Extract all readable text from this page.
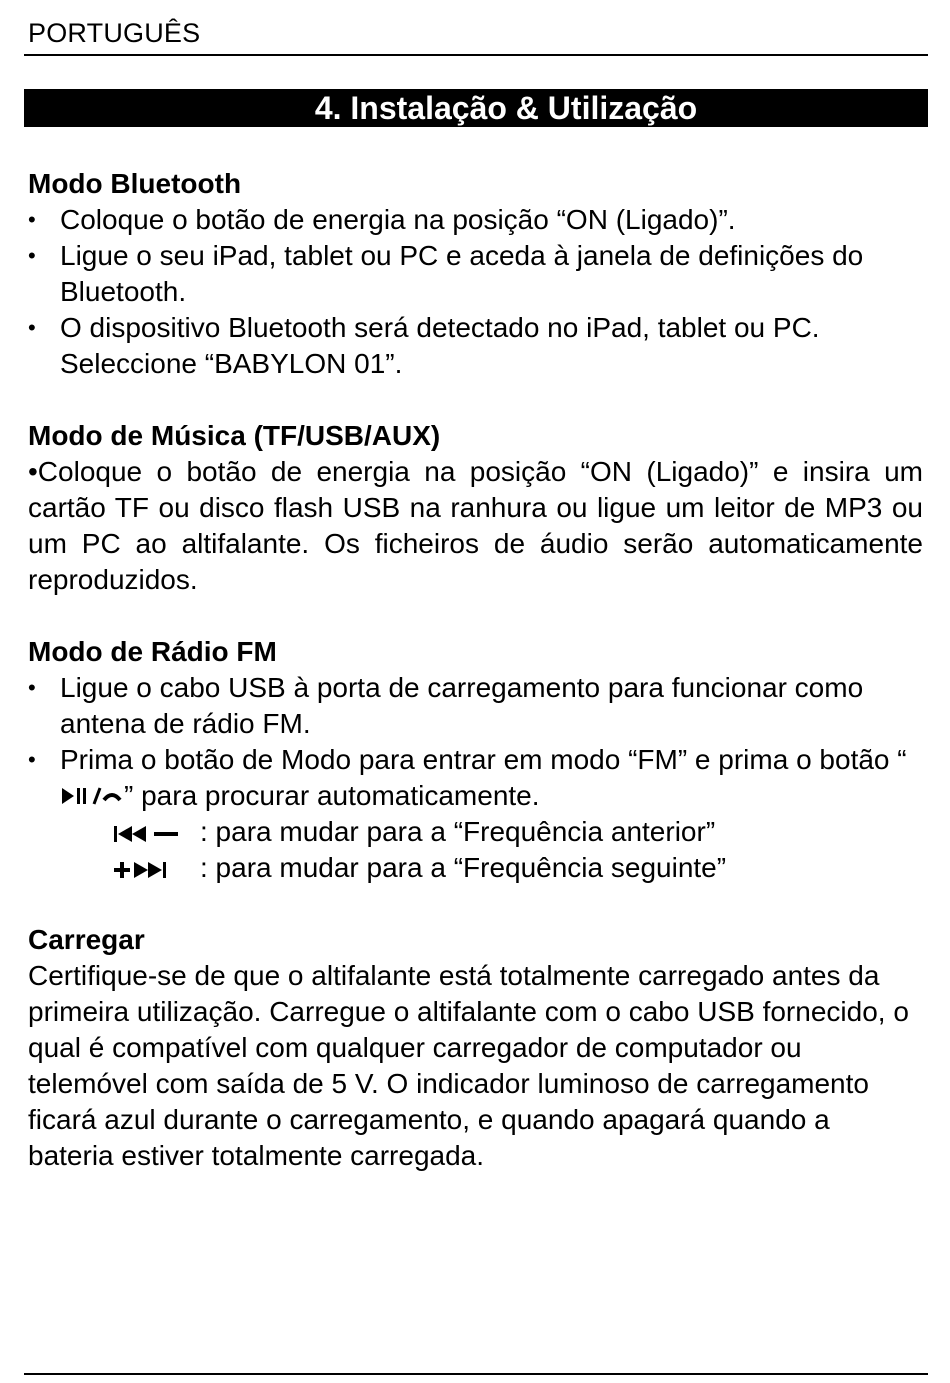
PORTUGUÊS
4. Instalação & Utilização
Modo Bluetooth
• Coloque o botão de energia na posição “ON (Ligado)”.
• Ligue o seu iPad, tablet ou PC e aceda à janela de definições do Bluetooth.
• O dispositivo Bluetooth será detectado no iPad, tablet ou PC. Seleccione “BABYLON 01”.
Modo de Música (TF/USB/AUX)

•Coloque o botão de energia na posição “ON (Ligado)” e insira um cartão TF ou disco flash USB na ranhura ou ligue um leitor de MP3 ou um PC ao altifalante. Os ficheiros de áudio serão automaticamente reproduzidos.

Modo de Rádio FM
• Ligue o cabo USB à porta de carregamento para funcionar como antena de rádio FM.
• Prima o botão de Modo para entrar em modo “FM” e prima o botão “” para procurar automaticamente.
: para mudar para a “Frequência anterior”
: para mudar para a “Frequência seguinte”
Carregar

Certifique-se de que o altifalante está totalmente carregado antes da primeira utilização. Carregue o altifalante com o cabo USB fornecido, o qual é compatível com qualquer carregador de computador ou telemóvel com saída de 5 V. O indicador luminoso de carregamento ficará azul durante o carregamento, e quando apagará quando a bateria estiver totalmente carregada.
